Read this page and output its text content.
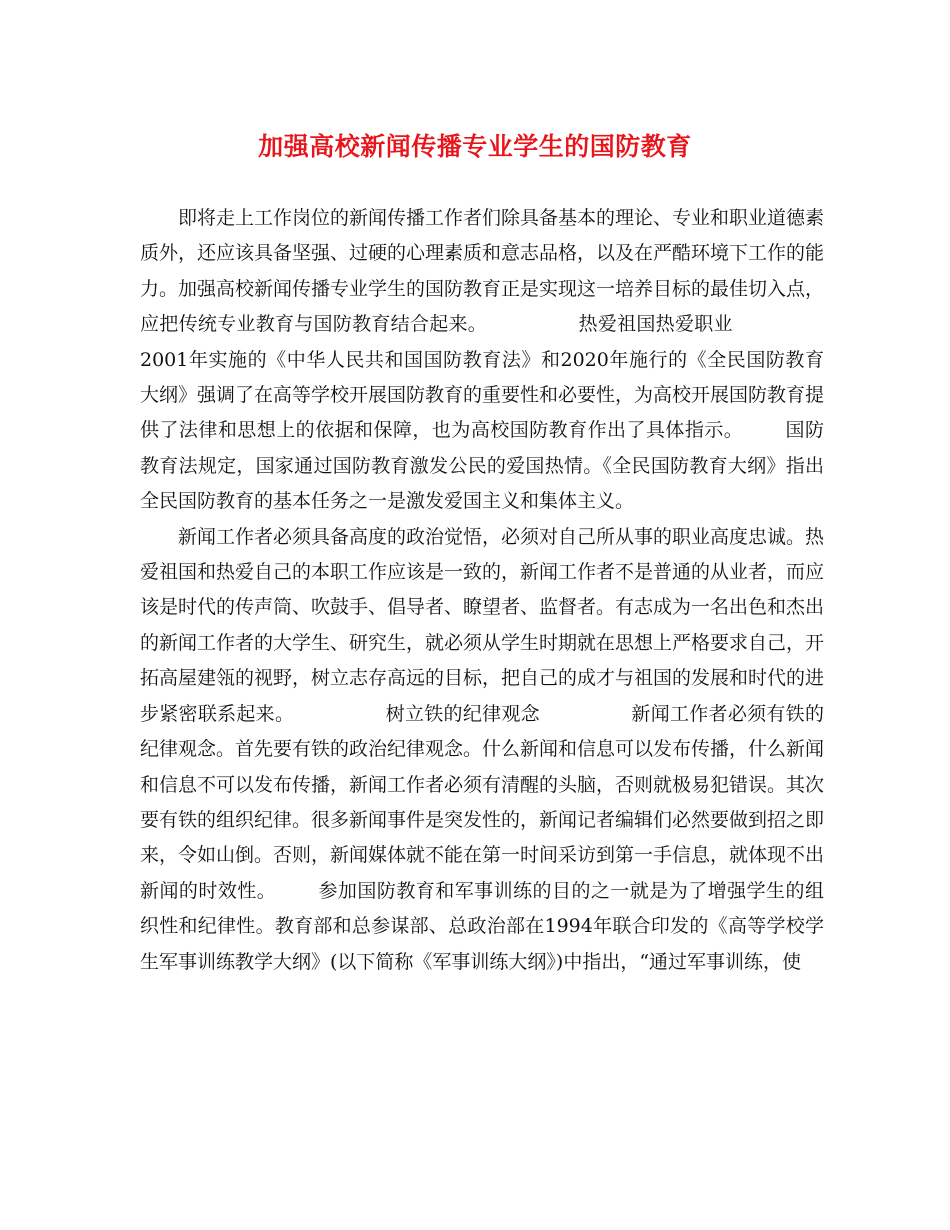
加强高校新闻传播专业学生的国防教育

即将走上工作岗位的新闻传播工作者们除具备基本的理论、专业和职业道德素质外，还应该具备坚强、过硬的心理素质和意志品格，以及在严酷环境下工作的能力。加强高校新闻传播专业学生的国防教育正是实现这一培养目标的最佳切入点，应把传统专业教育与国防教育结合起来。	热爱祖国热爱职业2001年实施的《中华人民共和国国防教育法》和2020年施行的《全民国防教育大纲》强调了在高等学校开展国防教育的重要性和必要性，为高校开展国防教育提供了法律和思想上的依据和保障，也为高校国防教育作出了具体指示。 国防教育法规定，国家通过国防教育激发公民的爱国热情。《全民国防教育大纲》指出全民国防教育的基本任务之一是激发爱国主义和集体主义。

新闻工作者必须具备高度的政治觉悟，必须对自己所从事的职业高度忠诚。热爱祖国和热爱自己的本职工作应该是一致的，新闻工作者不是普通的从业者，而应该是时代的传声筒、吹鼓手、倡导者、瞭望者、监督者。有志成为一名出色和杰出的新闻工作者的大学生、研究生，就必须从学生时期就在思想上严格要求自己，开拓高屋建瓴的视野，树立志存高远的目标，把自己的成才与祖国的发展和时代的进步紧密联系起来。	树立铁的纪律观念	新闻工作者必须有铁的纪律观念。首先要有铁的政治纪律观念。什么新闻和信息可以发布传播，什么新闻和信息不可以发布传播，新闻工作者必须有清醒的头脑，否则就极易犯错误。其次要有铁的组织纪律。很多新闻事件是突发性的，新闻记者编辑们必然要做到招之即来，令如山倒。否则，新闻媒体就不能在第一时间采访到第一手信息，就体现不出新闻的时效性。 参加国防教育和军事训练的目的之一就是为了增强学生的组织性和纪律性。教育部和总参谋部、总政治部在1994年联合印发的《高等学校学生军事训练教学大纲》(以下简称《军事训练大纲》)中指出，“通过军事训练，使
